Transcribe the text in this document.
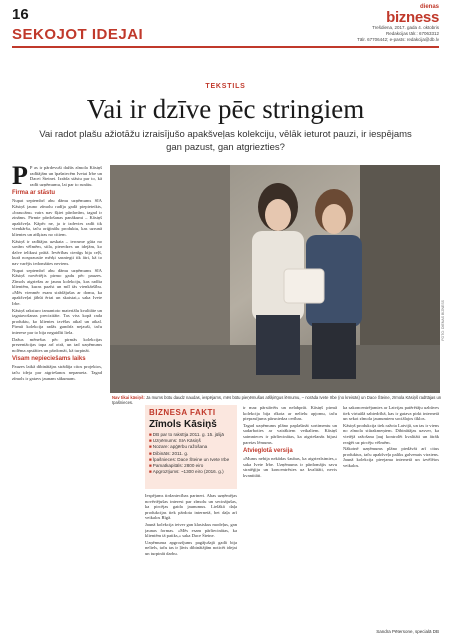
16
SEKOJOT IDEJAI
dienas
bizness
Trešdiena, 2017. gada 4. oktobris
Redakcijas tālr.: 67063312
Tālr. 67706442; e-pasts: redakcija@db.lv
TEKSTILS
Vai ir dzīve pēc stringiem
Vai radot plašu ažiotāžu izraisījušo apakšveļas kolekciju, vēlāk ieturot pauzi, ir iespējams gan pazust, gan atgriezties?

P P as ir pārdevuši dažās zīmola Kāsiņš radītājām un īpašniecēm Ivetai Irbe un Dacei Šteinei. Izrāda stāstu par to, kā radīt uzņēmumu, lai par to runātu.

Firma ar stāstu

Nupat septembrī abu dāmu uzņēmums SIA Kāsiņš jauno zīmolu radīja gadā piepieteikts, «braucām» vairs nav šķiet pārdavām, tagad ir zināms. Pirmie pārdošanas panākumi – Kāsiņš apakšveļa. Kāpēc ne, ja ir izdevies radīt tik vienkāršu, taču oriģinālu produktu, kas uzrunā klientes un atšķiras no citiem.

Kāsiņš ir radītājas uzskata – ierosme gūta no savām vēlmēm, stila, pieredzes un idejām, ko dzīve ielikusi prātā. Ievērības cienīgs bija ceļš, kurā nospraustie mērķi sasniegti tik ātri, kā to nav varējis iedomāties neviens.

Nupat septembrī abu dāmu uzņēmums SIA Kāsiņš novērtējis pirmo gadu pēc pauzes. Zīmols atgriežas ar jaunu kolekciju, kas radīta klientēm, kuras pazīst un mīl tās vienkāršību. «Mēs vienmēr esam strādājušas ar domu, ka apakšveļai jābūt ērtai un skaistai,» saka Ivete Irbe.

Kāsiņš raksturo izmantoto materiālu kvalitāte un izgatavošanas precizitāte. Tas viss kopā rada produktu, ko klientes izvēlas atkal un atkal. Pirmā kolekcija radās gandrīz nejauši, taču interese par to bija negaidīti liela.

Dažus mēnešus pēc pirmās kolekcijas prezentācijas tapa arī otrā, un tad uzņēmums nolēma apstāties un pārdomāt, kā turpināt.

Visam nepieciešams laiks

Pauzes laikā dibinātājas strādāja citos projektos, taču ideja par atgriešanos nepameta. Tagad zīmols ir gatavs jaunam sākumam.

FOTO: DIENAS BIZNESS
Nav tikai kāsiņš: Ja mums būtu daudz naudas, iespējams, mēs būtu pieņēmušas atšķirīgus lēmumu, – norāda Ivete Irbe (no kreisās) un Dace Šteine, zīmola Kāsiņš radītājas un īpašnieces.
BIZNESA FAKTI
Zīmols Kāsiņš
■DB par to rakstīja 2011. g. 15. jūlijā
■Uzņēmums: SIA Kāsiņš
■Nozare: apģērbu ražošana
■Dibināts: 2011. g.
■Īpašnieces: Dace Šteine un Ivete Irbe
■Pamatkapitāls: 2800 eiro
■Apgrozījums: ~1300 eiro (2016. g.)

Iespējams tirdzniecības partneri. Abas uzņēmējas novērtējušas interesi par zīmolu un secinājušas, ka pircējas gaida jaunumus. Lielākā daļa produkcijas tiek pārdota internetā, bet daļa arī veikalos Rīgā.

Jaunā kolekcija ietver gan klasiskus modeļus, gan jaunas formas. «Mēs esam pārliecinātas, ka klientēm tā patiks,» saka Dace Šteine.

Uzņēmuma apgrozījums pagājušajā gadā bija neliels, taču tas ir ļāvis dibinātājām noticēt idejai un turpināt darbu.

ir maz pārstāvēts un nelabprāt. Kāsiņš pirmā kolekcija bija rīkota ar nelielu apjomu, taču pieprasījums pārsniedza cerības.

Tagad uzņēmums plāno paplašināt sortimentu un sadarboties ar vairākiem veikaliem. Kāsiņš saimnieces ir pārliecinātas, ka atgriešanās bijusi pareizs lēmums.

Atvieglotā versija

«Mums nebija nekādas šaubas, ka atgriezīsimies,» saka Ivete Irbe. Uzņēmums ir pārdomājis savu stratēģiju un koncentrēsies uz kvalitāti, nevis kvantitāti.

ka sakoncentrējamies ar Latvijas patērētāju uzbūves tiek virtuālā sabiedrībā, kas ir gatava pirkt internetā un sekot zīmola jaunumiem sociālajos tīklos.

Kāsiņš produkcija tiek ražota Latvijā, un tas ir viens no zīmola stūrakmeņiem. Dibinātājas uzsver, ka vietējā ražošana ļauj kontrolēt kvalitāti un ātrāk reaģēt uz pircēju vēlmēm.

Nākotnē uzņēmums plāno piedāvāt arī citus produktus, taču apakšveļa paliks galvenais virziens. Jaunā kolekcija pieejama internetā un izvēlētos veikalos.

Sandra Pētersone, specialā DB
